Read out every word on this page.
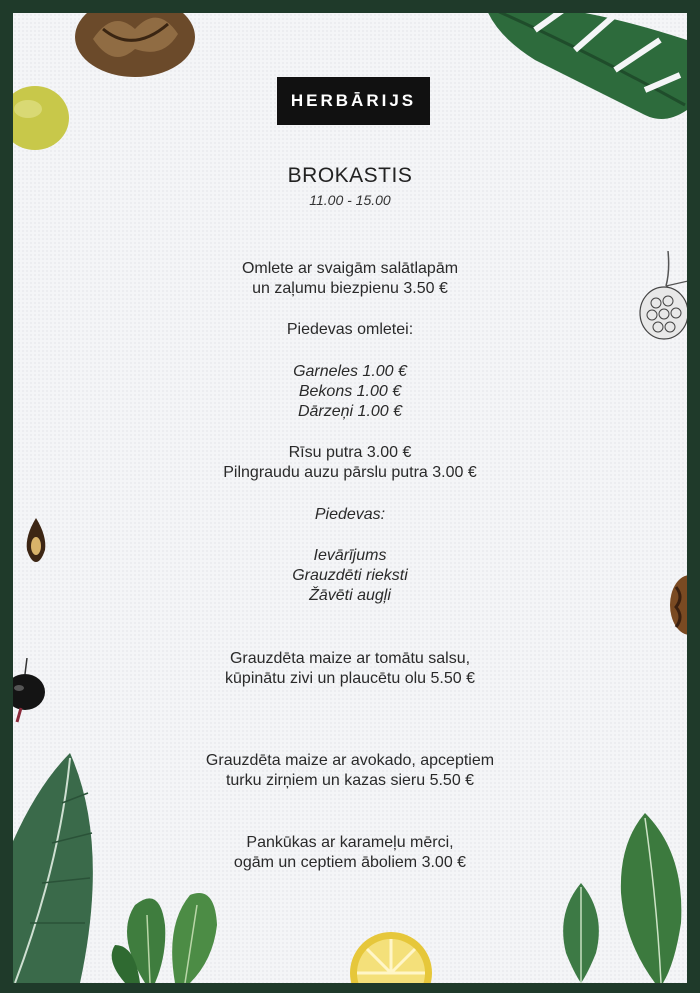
HERBĀRIJS
BROKASTIS
11.00 - 15.00
Omlete ar svaigām salātlapām
un zaļumu biezpienu 3.50 €
Piedevas omletei:
Garneles 1.00 €
Bekons 1.00 €
Dārzeņi 1.00 €
Rīsu putra 3.00 €
Pilngraudu auzu pārslu putra 3.00 €
Piedevas:
Ievārījums
Grauzdēti rieksti
Žāvēti augļi
Grauzdēta maize ar tomātu salsu,
kūpinātu zivi un plaucētu olu 5.50 €
Grauzdēta maize ar avokado, apceptiem
turku zirņiem un kazas sieru 5.50 €
Pankūkas ar karameļu mērci,
ogām un ceptiem āboliem 3.00 €
